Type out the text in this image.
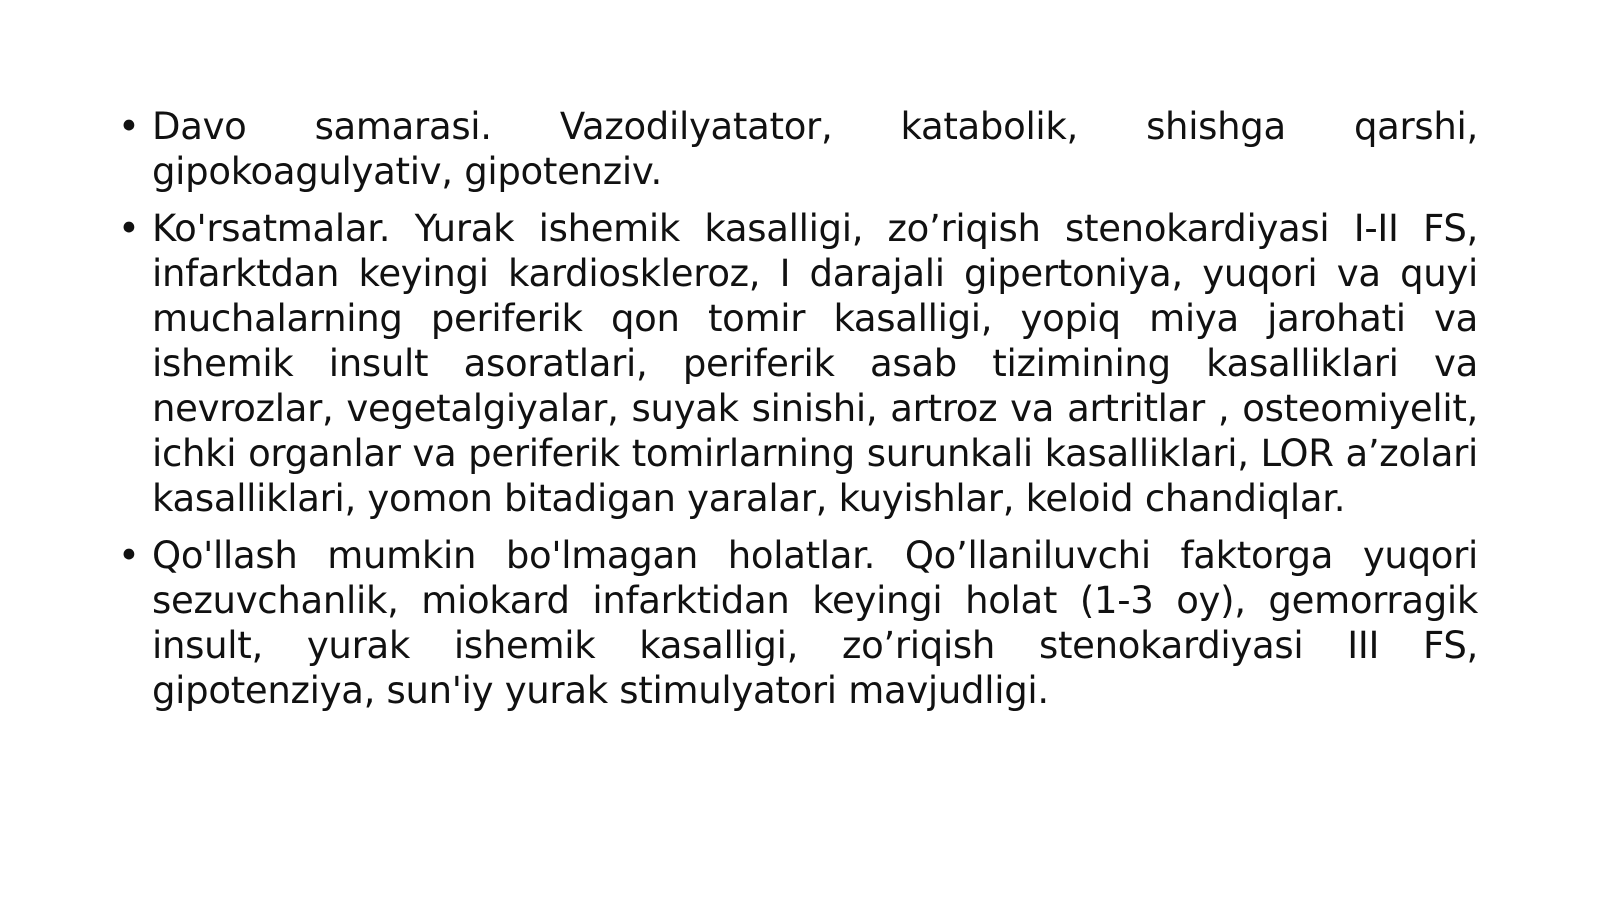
• Davo samarasi. Vazodilyatator, katabolik, shishga qarshi, gipokoagulyativ, gipotenziv.
• Ko'rsatmalar. Yurak ishemik kasalligi, zo’riqish stenokardiyasi I-II FS, infarktdan keyingi kardioskleroz, I darajali gipertoniya, yuqori va quyi muchalarning periferik qon tomir kasalligi, yopiq miya jarohati va ishemik insult asoratlari, periferik asab tizimining kasalliklari va nevrozlar, vegetalgiyalar, suyak sinishi, artroz va artritlar , osteomiyelit, ichki organlar va periferik tomirlarning surunkali kasalliklari, LOR a’zolari kasalliklari, yomon bitadigan yaralar, kuyishlar, keloid chandiqlar.
• Qo'llash mumkin bo'lmagan holatlar. Qo’llaniluvchi faktorga yuqori sezuvchanlik, miokard infarktidan keyingi holat (1-3 oy), gemorragik insult, yurak ishemik kasalligi, zo’riqish stenokardiyasi III FS, gipotenziya, sun'iy yurak stimulyatori mavjudligi.
